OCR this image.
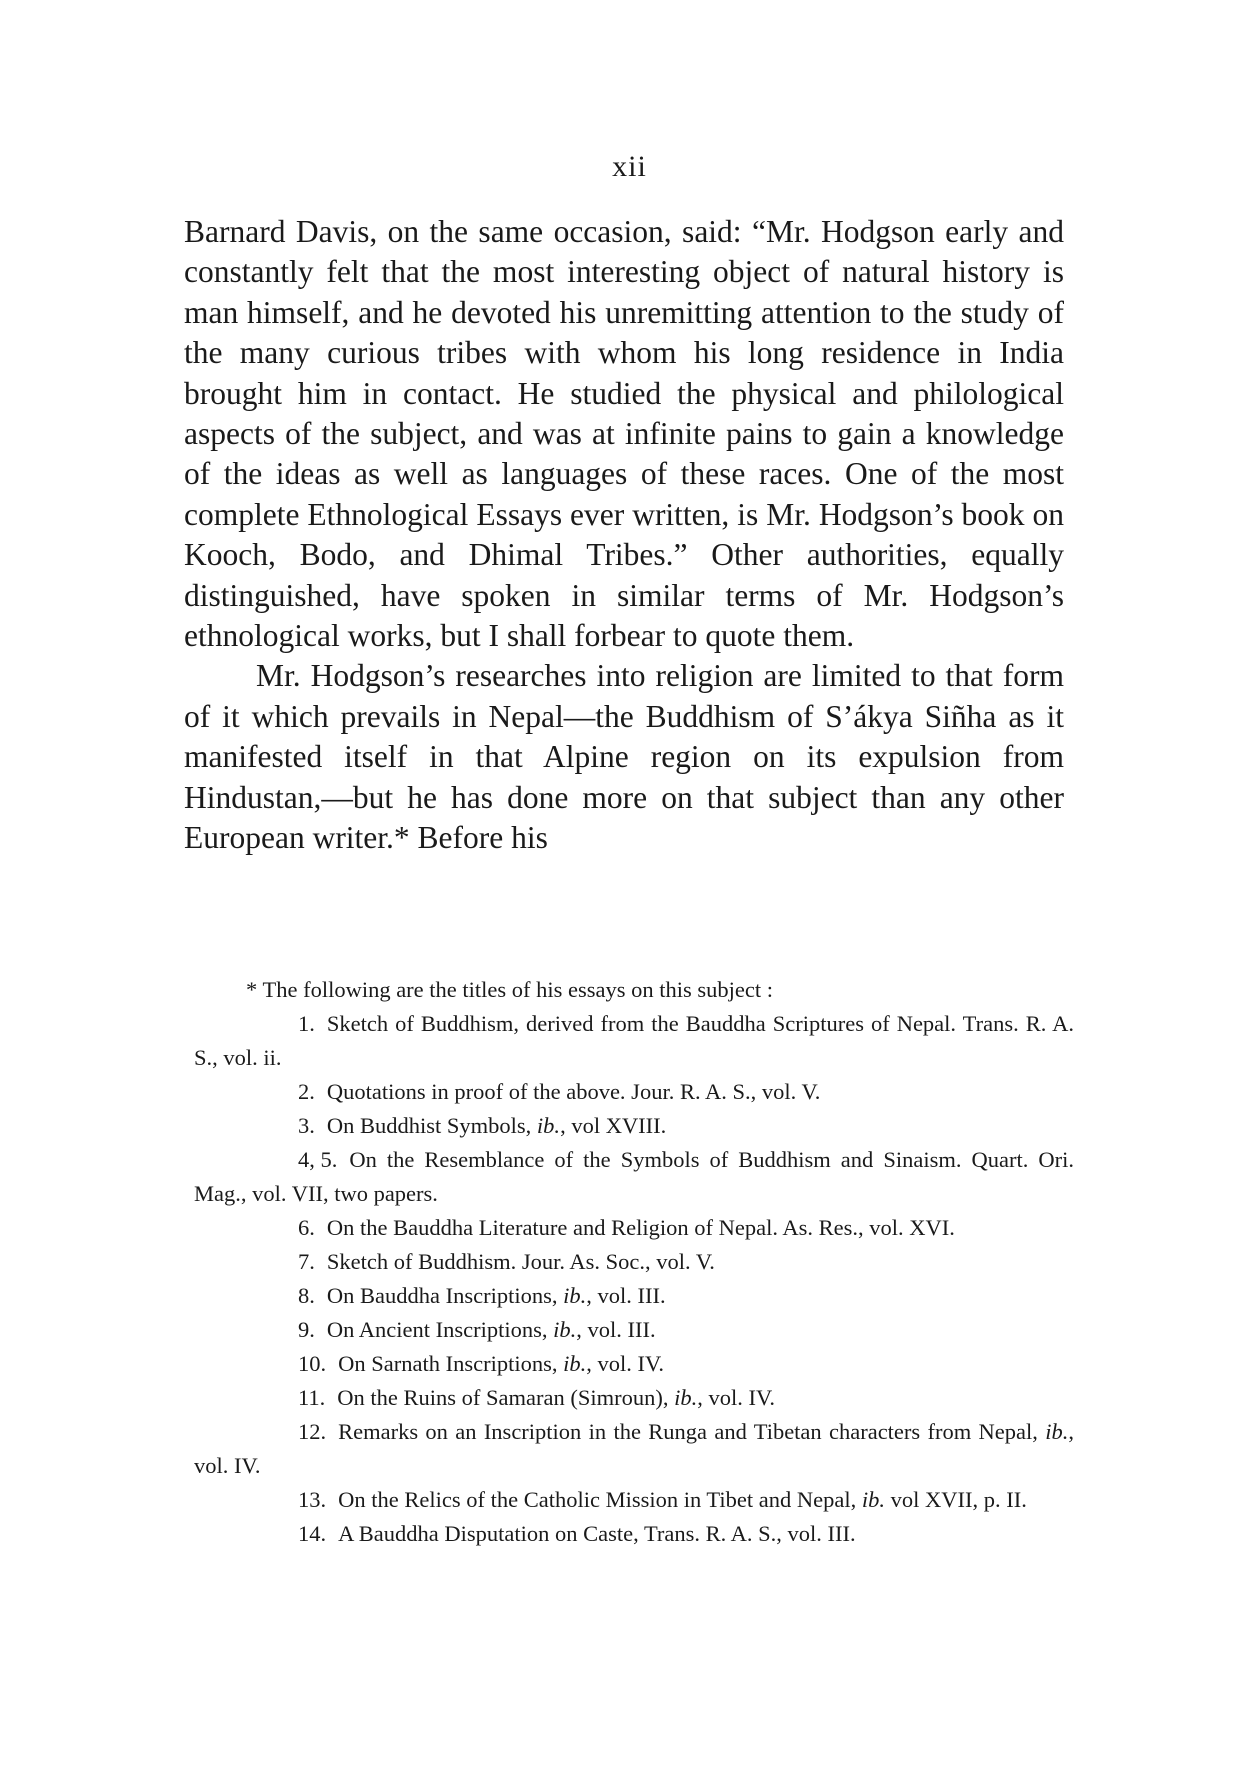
xii

Barnard Davis, on the same occasion, said: “Mr. Hodgson early and constantly felt that the most interesting object of natural history is man himself, and he devoted his unremitting attention to the study of the many curious tribes with whom his long residence in India brought him in contact. He studied the physical and philological aspects of the subject, and was at infinite pains to gain a knowledge of the ideas as well as languages of these races. One of the most complete Ethnological Essays ever written, is Mr. Hodgson’s book on Kooch, Bodo, and Dhimal Tribes.” Other authorities, equally distinguished, have spoken in similar terms of Mr. Hodgson’s ethnological works, but I shall forbear to quote them.

Mr. Hodgson’s researches into religion are limited to that form of it which prevails in Nepal—the Buddhism of S’ákya Siñha as it manifested itself in that Alpine region on its expulsion from Hindustan,—but he has done more on that subject than any other European writer.* Before his

* The following are the titles of his essays on this subject :

1. Sketch of Buddhism, derived from the Bauddha Scriptures of Nepal. Trans. R. A. S., vol. ii.

2. Quotations in proof of the above. Jour. R. A. S., vol. V.

3. On Buddhist Symbols, ib., vol XVIII.

4, 5. On the Resemblance of the Symbols of Buddhism and Sinaism. Quart. Ori. Mag., vol. VII, two papers.

6. On the Bauddha Literature and Religion of Nepal. As. Res., vol. XVI.

7. Sketch of Buddhism. Jour. As. Soc., vol. V.

8. On Bauddha Inscriptions, ib., vol. III.

9. On Ancient Inscriptions, ib., vol. III.

10. On Sarnath Inscriptions, ib., vol. IV.

11. On the Ruins of Samaran (Simroun), ib., vol. IV.

12. Remarks on an Inscription in the Runga and Tibetan characters from Nepal, ib., vol. IV.

13. On the Relics of the Catholic Mission in Tibet and Nepal, ib. vol XVII, p. II.

14. A Bauddha Disputation on Caste, Trans. R. A. S., vol. III.
